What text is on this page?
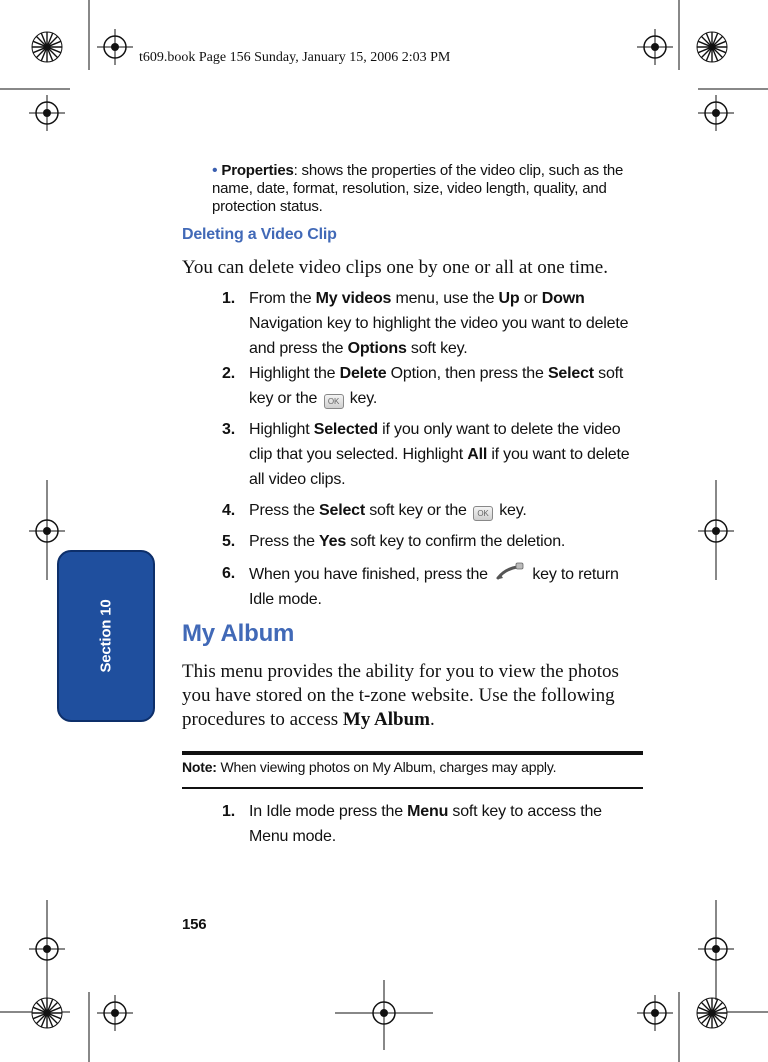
t609.book Page 156 Sunday, January 15, 2006 2:03 PM
• Properties: shows the properties of the video clip, such as the name, date, format, resolution, size, video length, quality, and protection status.
Deleting a Video Clip
You can delete video clips one by one or all at one time.
1. From the My videos menu, use the Up or Down Navigation key to highlight the video you want to delete and press the Options soft key.
2. Highlight the Delete Option, then press the Select soft key or the OK key.
3. Highlight Selected if you only want to delete the video clip that you selected. Highlight All if you want to delete all video clips.
4. Press the Select soft key or the OK key.
5. Press the Yes soft key to confirm the deletion.
6. When you have finished, press the  key to return Idle mode.
My Album
This menu provides the ability for you to view the photos you have stored on the t-zone website. Use the following procedures to access My Album.
Note: When viewing photos on My Album, charges may apply.
1. In Idle mode press the Menu soft key to access the Menu mode.
Section 10
156
